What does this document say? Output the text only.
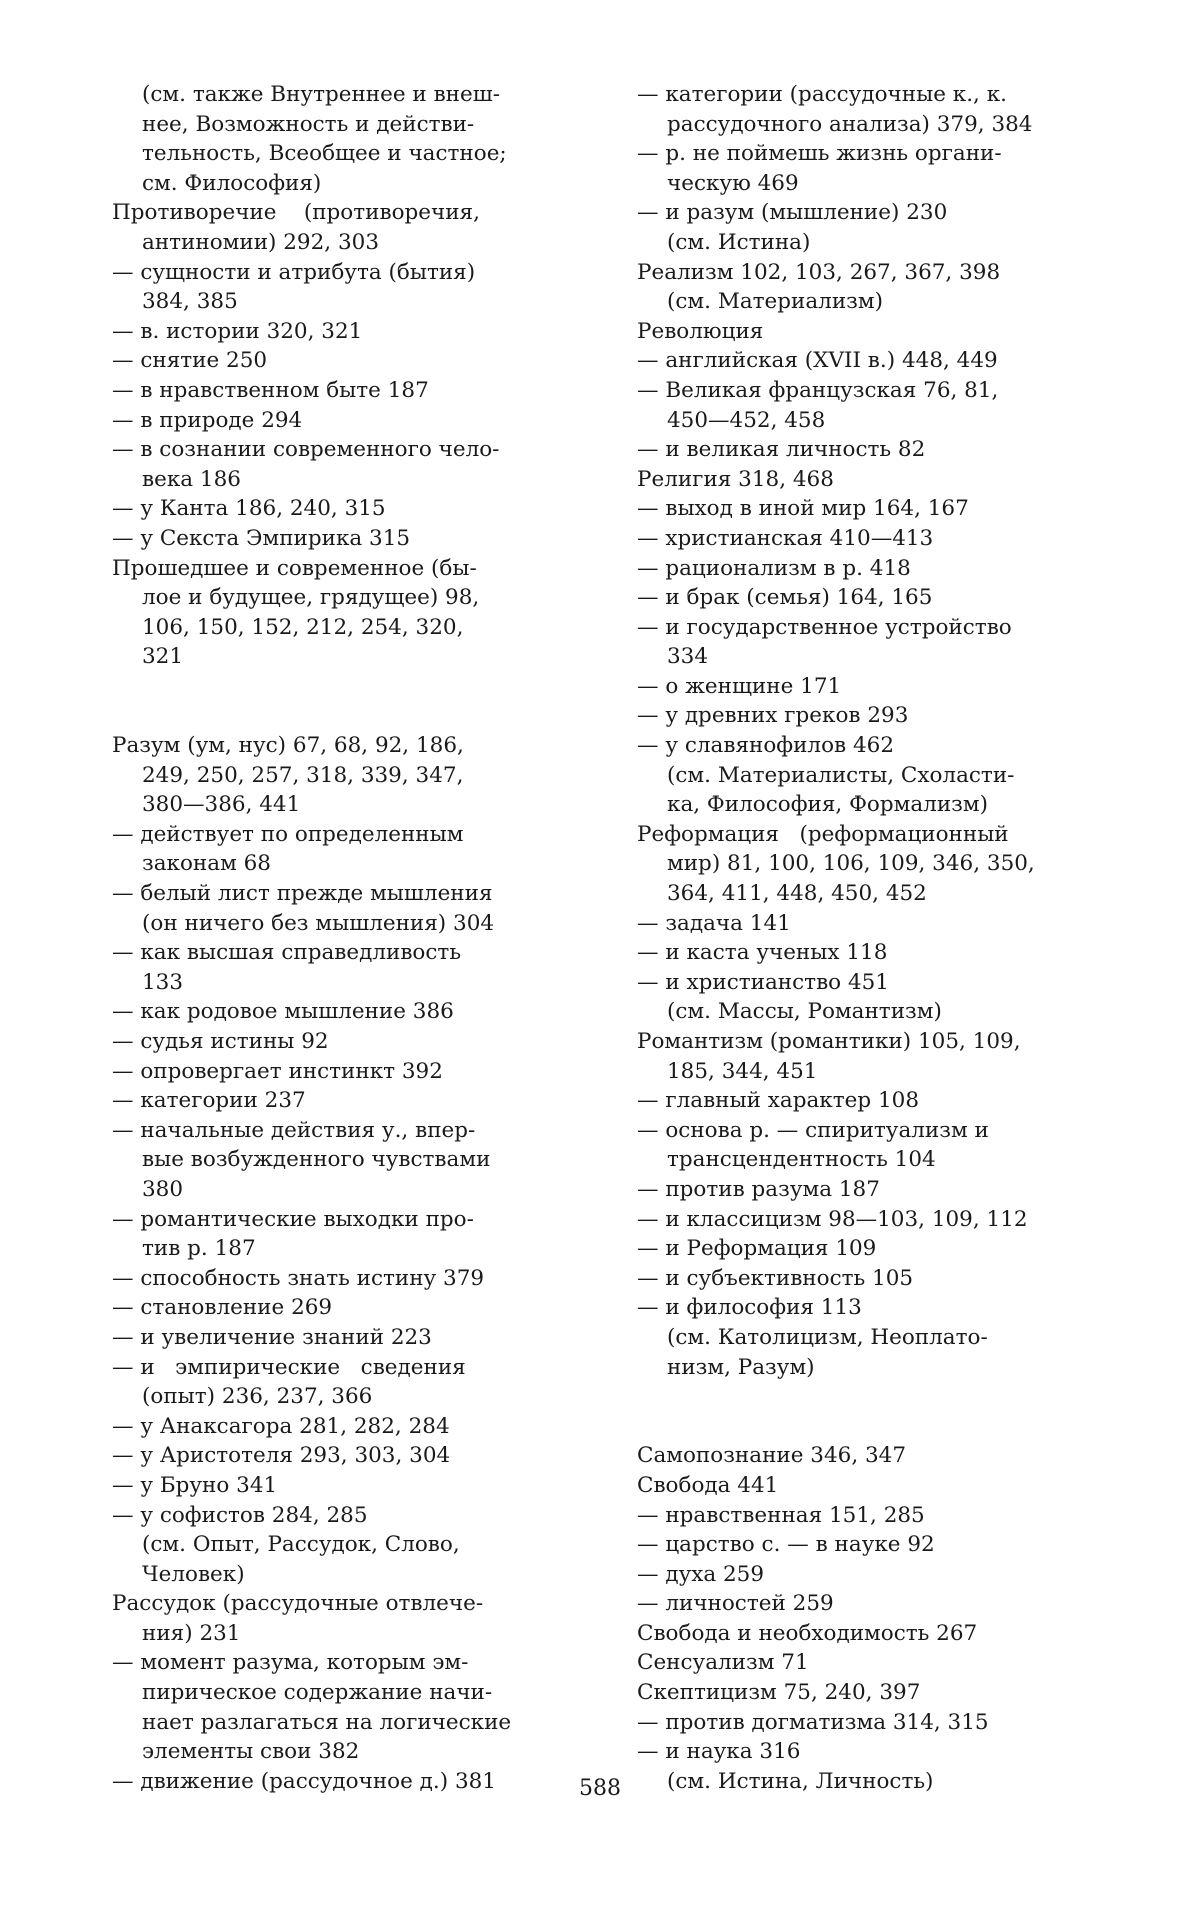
(см. также Внутреннее и внеш-
нее, Возможность и действи-
тельность, Всеобщее и частное;
см. Философия)
Противоречие    (противоречия,
антиномии) 292, 303
— сущности и атрибута (бытия)
384, 385
— в. истории 320, 321
— снятие 250
— в нравственном быте 187
— в природе 294
— в сознании современного чело-
века 186
— у Канта 186, 240, 315
— у Секста Эмпирика 315
Прошедшее и современное (бы-
лое и будущее, грядущее) 98,
106, 150, 152, 212, 254, 320,
321
Разум (ум, нус) 67, 68, 92, 186,
249, 250, 257, 318, 339, 347,
380—386, 441
— действует по определенным
законам 68
— белый лист прежде мышления
(он ничего без мышления) 304
— как высшая справедливость
133
— как родовое мышление 386
— судья истины 92
— опровергает инстинкт 392
— категории 237
— начальные действия у., впер-
вые возбужденного чувствами
380
— романтические выходки про-
тив р. 187
— способность знать истину 379
— становление 269
— и увеличение знаний 223
— и   эмпирические   сведения
(опыт) 236, 237, 366
— у Анаксагора 281, 282, 284
— у Аристотеля 293, 303, 304
— у Бруно 341
— у софистов 284, 285
(см. Опыт, Рассудок, Слово,
Человек)
Рассудок (рассудочные отвлече-
ния) 231
— момент разума, которым эм-
пирическое содержание начи-
нает разлагаться на логические
элементы свои 382
— движение (рассудочное д.) 381
— категории (рассудочные к., к.
рассудочного анализа) 379, 384
— р. не поймешь жизнь органи-
ческую 469
— и разум (мышление) 230
(см. Истина)
Реализм 102, 103, 267, 367, 398
(см. Материализм)
Революция
— английская (XVII в.) 448, 449
— Великая французская 76, 81,
450—452, 458
— и великая личность 82
Религия 318, 468
— выход в иной мир 164, 167
— христианская 410—413
— рационализм в р. 418
— и брак (семья) 164, 165
— и государственное устройство
334
— о женщине 171
— у древних греков 293
— у славянофилов 462
(см. Материалисты, Схоласти-
ка, Философия, Формализм)
Реформация   (реформационный
мир) 81, 100, 106, 109, 346, 350,
364, 411, 448, 450, 452
— задача 141
— и каста ученых 118
— и христианство 451
(см. Массы, Романтизм)
Романтизм (романтики) 105, 109,
185, 344, 451
— главный характер 108
— основа р. — спиритуализм и
трансцендентность 104
— против разума 187
— и классицизм 98—103, 109, 112
— и Реформация 109
— и субъективность 105
— и философия 113
(см. Католицизм, Неоплато-
низм, Разум)
Самопознание 346, 347
Свобода 441
— нравственная 151, 285
— царство с. — в науке 92
— духа 259
— личностей 259
Свобода и необходимость 267
Сенсуализм 71
Скептицизм 75, 240, 397
— против догматизма 314, 315
— и наука 316
(см. Истина, Личность)
588
